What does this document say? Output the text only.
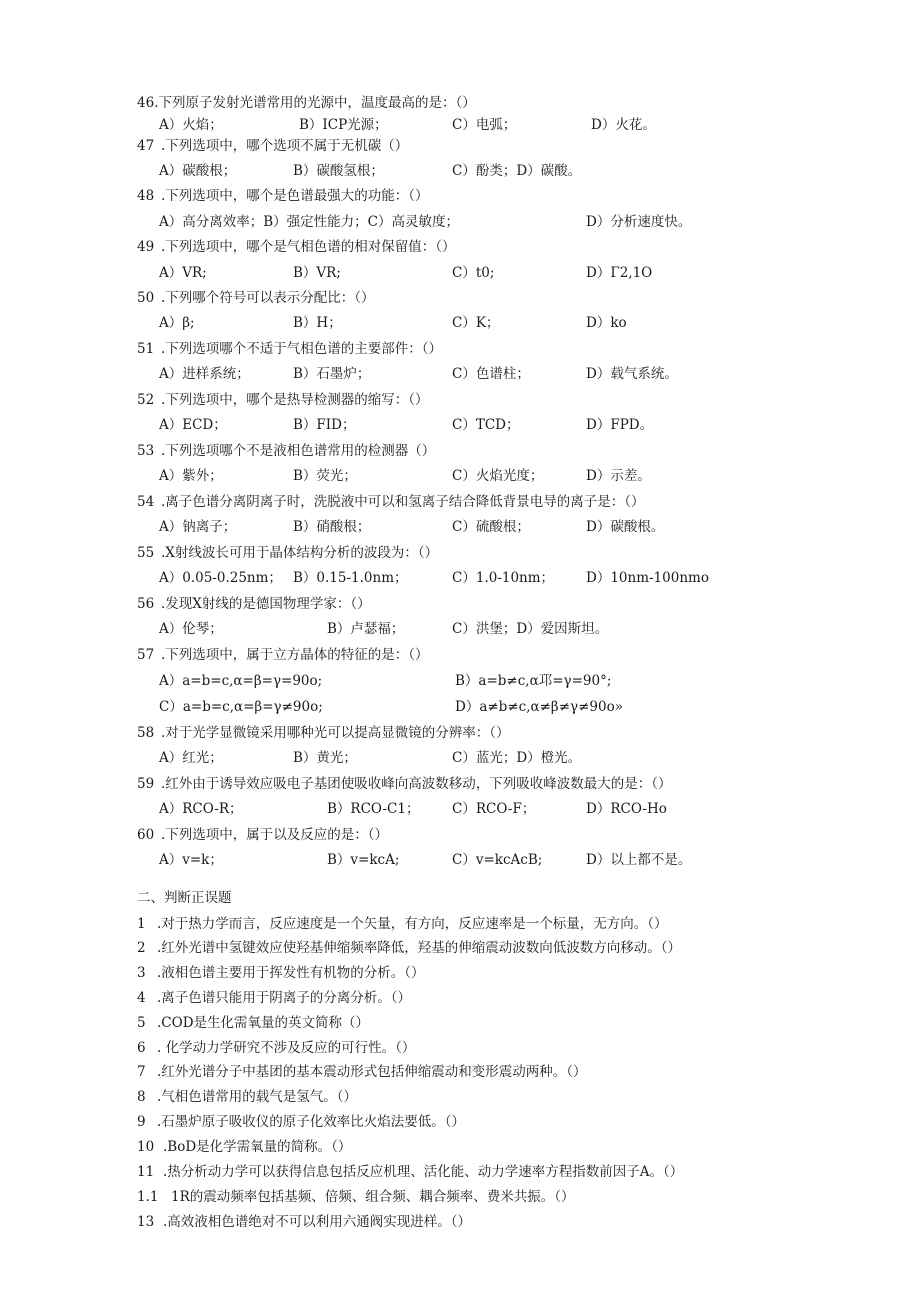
46.下列原子发射光谱常用的光源中，温度最高的是：（）
A）火焰；	B）ICP光源；	C）电弧；	D）火花。
47 .下列选项中，哪个选项不属于无机碳（）
A）碳酸根；	B）碳酸氢根；	C）酚类；D）碳酸。
48 .下列选项中，哪个是色谱最强大的功能：（）
A）高分离效率；B）强定性能力；C）高灵敏度；	D）分析速度快。
49 .下列选项中，哪个是气相色谱的相对保留值：（）
A）VR;	B）VR;	C）t0;	D）Γ2,1O
50 .下列哪个符号可以表示分配比：（）
A）β;	B）H；	C）K；	D）ko
51 .下列选项哪个不适于气相色谱的主要部件：（）
A）进样系统；	B）石墨炉；	C）色谱柱；	D）载气系统。
52 .下列选项中，哪个是热导检测器的缩写：（）
A）ECD；	B）FID；	C）TCD；	D）FPD。
53 .下列选项哪个不是液相色谱常用的检测器（）
A）紫外；	B）荧光；	C）火焰光度；	D）示差。
54 .离子色谱分离阴离子时，洗脱液中可以和氢离子结合降低背景电导的离子是：（）
A）钠离子；	B）硝酸根；	C）硫酸根；	D）碳酸根。
55 .X射线波长可用于晶体结构分析的波段为：（）
A）0.05-0.25nm； B）0.15-1.0nm；	C）1.0-10nm； D）10nm-100nmo
56 .发现X射线的是德国物理学家：（）
A）伦琴；	B）卢瑟福；	C）洪堡；D）爱因斯坦。
57 .下列选项中，属于立方晶体的特征的是：（）
A）a=b=c,α=β=γ=90o;	B）a=b≠c,α邛=γ=90°;
C）a=b=c,α=β=γ≠90o;	D）a≠b≠c,α≠β≠γ≠90o»
58 .对于光学显微镜采用哪种光可以提高显微镜的分辨率：（）
A）红光；	B）黄光；	C）蓝光；D）橙光。
59 .红外由于诱导效应吸电子基团使吸收峰向高波数移动，下列吸收峰波数最大的是：（）
A）RCO-R；	B）RCO-C1； C）RCO-F；	D）RCO-Ho
60 .下列选项中，属于以及反应的是：（）
A）v=k；	B）v=kcA;	C）v=kcAcB;	D）以上都不是。
二、判断正误题
1 .对于热力学而言，反应速度是一个矢量，有方向，反应速率是一个标量，无方向。（）
2 .红外光谱中氢键效应使羟基伸缩频率降低，羟基的伸缩震动波数向低波数方向移动。（）
3 .液相色谱主要用于挥发性有机物的分析。（）
4 .离子色谱只能用于阴离子的分离分析。（）
5 .COD是生化需氧量的英文简称（）
6 . 化学动力学研究不涉及反应的可行性。（）
7 .红外光谱分子中基团的基本震动形式包括伸缩震动和变形震动两种。（）
8 .气相色谱常用的载气是氢气。（）
9 .石墨炉原子吸收仪的原子化效率比火焰法要低。（）
10 .BoD是化学需氧量的简称。（）
11 .热分析动力学可以获得信息包括反应机理、活化能、动力学速率方程指数前因子A。（）
1.1 1R的震动频率包括基频、倍频、组合频、耦合频率、费米共振。（）
13 .高效液相色谱绝对不可以利用六通阀实现进样。（）
